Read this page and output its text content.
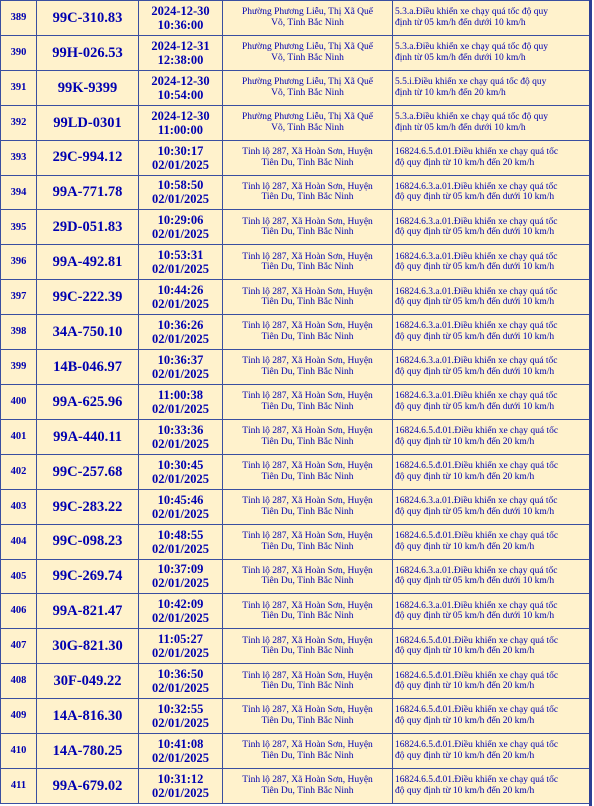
389	99C-310.83	2024-12-30
10:36:00	Phường Phương Liễu, Thị Xã Quế
Võ, Tỉnh Bắc Ninh	5.3.a.Điều khiển xe chạy quá tốc độ quy
định từ 05 km/h đến dưới 10 km/h

390	99H-026.53	2024-12-31
12:38:00	Phường Phương Liễu, Thị Xã Quế
Võ, Tỉnh Bắc Ninh	5.3.a.Điều khiển xe chạy quá tốc độ quy
định từ 05 km/h đến dưới 10 km/h

391	99K-9399	2024-12-30
10:54:00	Phường Phương Liễu, Thị Xã Quế
Võ, Tỉnh Bắc Ninh	5.5.i.Điều khiển xe chạy quá tốc độ quy
định từ 10 km/h đến 20 km/h

392	99LD-0301	2024-12-30
11:00:00	Phường Phương Liễu, Thị Xã Quế
Võ, Tỉnh Bắc Ninh	5.3.a.Điều khiển xe chạy quá tốc độ quy
định từ 05 km/h đến dưới 10 km/h

393	29C-994.12	10:30:17
02/01/2025	Tỉnh lộ 287, Xã Hoàn Sơn, Huyện
Tiên Du, Tỉnh Bắc Ninh	16824.6.5.đ.01.Điều khiển xe chạy quá tốc
độ quy định từ 10 km/h đến 20 km/h

394	99A-771.78	10:58:50
02/01/2025	Tỉnh lộ 287, Xã Hoàn Sơn, Huyện
Tiên Du, Tỉnh Bắc Ninh	16824.6.3.a.01.Điều khiển xe chạy quá tốc
độ quy định từ 05 km/h đến dưới 10 km/h

395	29D-051.83	10:29:06
02/01/2025	Tỉnh lộ 287, Xã Hoàn Sơn, Huyện
Tiên Du, Tỉnh Bắc Ninh	16824.6.3.a.01.Điều khiển xe chạy quá tốc
độ quy định từ 05 km/h đến dưới 10 km/h

396	99A-492.81	10:53:31
02/01/2025	Tỉnh lộ 287, Xã Hoàn Sơn, Huyện
Tiên Du, Tỉnh Bắc Ninh	16824.6.3.a.01.Điều khiển xe chạy quá tốc
độ quy định từ 05 km/h đến dưới 10 km/h

397	99C-222.39	10:44:26
02/01/2025	Tỉnh lộ 287, Xã Hoàn Sơn, Huyện
Tiên Du, Tỉnh Bắc Ninh	16824.6.3.a.01.Điều khiển xe chạy quá tốc
độ quy định từ 05 km/h đến dưới 10 km/h

398	34A-750.10	10:36:26
02/01/2025	Tỉnh lộ 287, Xã Hoàn Sơn, Huyện
Tiên Du, Tỉnh Bắc Ninh	16824.6.3.a.01.Điều khiển xe chạy quá tốc
độ quy định từ 05 km/h đến dưới 10 km/h

399	14B-046.97	10:36:37
02/01/2025	Tỉnh lộ 287, Xã Hoàn Sơn, Huyện
Tiên Du, Tỉnh Bắc Ninh	16824.6.3.a.01.Điều khiển xe chạy quá tốc
độ quy định từ 05 km/h đến dưới 10 km/h

400	99A-625.96	11:00:38
02/01/2025	Tỉnh lộ 287, Xã Hoàn Sơn, Huyện
Tiên Du, Tỉnh Bắc Ninh	16824.6.3.a.01.Điều khiển xe chạy quá tốc
độ quy định từ 05 km/h đến dưới 10 km/h

401	99A-440.11	10:33:36
02/01/2025	Tỉnh lộ 287, Xã Hoàn Sơn, Huyện
Tiên Du, Tỉnh Bắc Ninh	16824.6.5.đ.01.Điều khiển xe chạy quá tốc
độ quy định từ 10 km/h đến 20 km/h

402	99C-257.68	10:30:45
02/01/2025	Tỉnh lộ 287, Xã Hoàn Sơn, Huyện
Tiên Du, Tỉnh Bắc Ninh	16824.6.5.đ.01.Điều khiển xe chạy quá tốc
độ quy định từ 10 km/h đến 20 km/h

403	99C-283.22	10:45:46
02/01/2025	Tỉnh lộ 287, Xã Hoàn Sơn, Huyện
Tiên Du, Tỉnh Bắc Ninh	16824.6.3.a.01.Điều khiển xe chạy quá tốc
độ quy định từ 05 km/h đến dưới 10 km/h

404	99C-098.23	10:48:55
02/01/2025	Tỉnh lộ 287, Xã Hoàn Sơn, Huyện
Tiên Du, Tỉnh Bắc Ninh	16824.6.5.đ.01.Điều khiển xe chạy quá tốc
độ quy định từ 10 km/h đến 20 km/h

405	99C-269.74	10:37:09
02/01/2025	Tỉnh lộ 287, Xã Hoàn Sơn, Huyện
Tiên Du, Tỉnh Bắc Ninh	16824.6.3.a.01.Điều khiển xe chạy quá tốc
độ quy định từ 05 km/h đến dưới 10 km/h

406	99A-821.47	10:42:09
02/01/2025	Tỉnh lộ 287, Xã Hoàn Sơn, Huyện
Tiên Du, Tỉnh Bắc Ninh	16824.6.3.a.01.Điều khiển xe chạy quá tốc
độ quy định từ 05 km/h đến dưới 10 km/h

407	30G-821.30	11:05:27
02/01/2025	Tỉnh lộ 287, Xã Hoàn Sơn, Huyện
Tiên Du, Tỉnh Bắc Ninh	16824.6.5.đ.01.Điều khiển xe chạy quá tốc
độ quy định từ 10 km/h đến 20 km/h

408	30F-049.22	10:36:50
02/01/2025	Tỉnh lộ 287, Xã Hoàn Sơn, Huyện
Tiên Du, Tỉnh Bắc Ninh	16824.6.5.đ.01.Điều khiển xe chạy quá tốc
độ quy định từ 10 km/h đến 20 km/h

409	14A-816.30	10:32:55
02/01/2025	Tỉnh lộ 287, Xã Hoàn Sơn, Huyện
Tiên Du, Tỉnh Bắc Ninh	16824.6.5.đ.01.Điều khiển xe chạy quá tốc
độ quy định từ 10 km/h đến 20 km/h

410	14A-780.25	10:41:08
02/01/2025	Tỉnh lộ 287, Xã Hoàn Sơn, Huyện
Tiên Du, Tỉnh Bắc Ninh	16824.6.5.đ.01.Điều khiển xe chạy quá tốc
độ quy định từ 10 km/h đến 20 km/h

411	99A-679.02	10:31:12
02/01/2025	Tỉnh lộ 287, Xã Hoàn Sơn, Huyện
Tiên Du, Tỉnh Bắc Ninh	16824.6.5.đ.01.Điều khiển xe chạy quá tốc
độ quy định từ 10 km/h đến 20 km/h
